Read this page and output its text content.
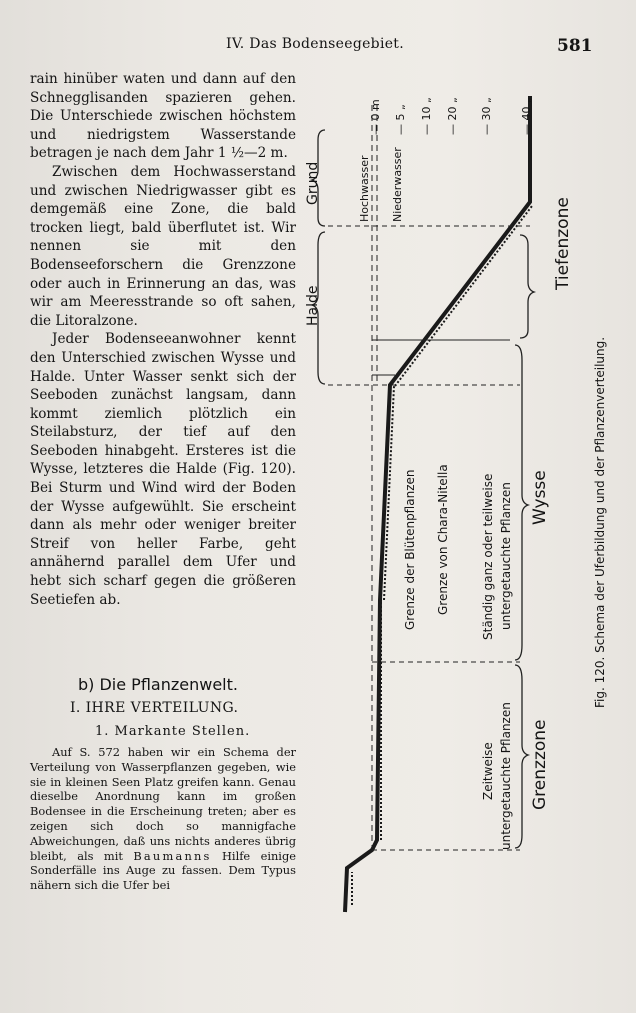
IV. Das Bodenseegebiet.	581

rain hinüber waten und dann auf den Schnegglisanden spazieren gehen. Die Unterschiede zwischen höchstem und niedrigstem Wasserstande betragen je nach dem Jahr 1 ½—2 m.

Zwischen dem Hochwasserstand und zwischen Niedrigwasser gibt es demgemäß eine Zone, die bald trocken liegt, bald überflutet ist. Wir nennen sie mit den Bodenseeforschern die Grenzzone oder auch in Erinnerung an das, was wir am Meeresstrande so oft sahen, die Litoralzone.

Jeder Bodenseeanwohner kennt den Unterschied zwischen Wysse und Halde. Unter Wasser senkt sich der Seeboden zunächst langsam, dann kommt ziemlich plötzlich ein Steilabsturz, der tief auf den Seeboden hinabgeht. Ersteres ist die Wysse, letzteres die Halde (Fig. 120). Bei Sturm und Wind wird der Boden der Wysse aufgewühlt. Sie erscheint dann als mehr oder weniger breiter Streif von heller Farbe, geht annähernd parallel dem Ufer und hebt sich scharf gegen die größeren Seetiefen ab.

b) Die Pflanzenwelt.
I. IHRE VERTEILUNG.
1. Markante Stellen.

Auf S. 572 haben wir ein Schema der Verteilung von Wasserpflanzen gegeben, wie sie in kleinen Seen Platz greifen kann. Genau dieselbe Anordnung kann im großen Bodensee in die Erscheinung treten; aber es zeigen sich doch so mannigfache Abweichungen, daß uns nichts anderes übrig bleibt, als mit Baumanns Hilfe einige Sonderfälle ins Auge zu fassen. Dem Typus nähern sich die Ufer bei

— 0 m — 5 „ — 10 „ — 20 „ — 30 „ — 40 „
Hochwasser Niederwasser
Grund
Halde
Tiefenzone
Wysse
Grenzzone
Grenze der Blütenpflanzen Grenze von Chara-Nitella	Ständig ganz oder teilweise untergetauchte Pflanzen
Zeitweise untergetauchte Pflanzen
Fig. 120. Schema der Uferbildung und der Pflanzenverteilung.
